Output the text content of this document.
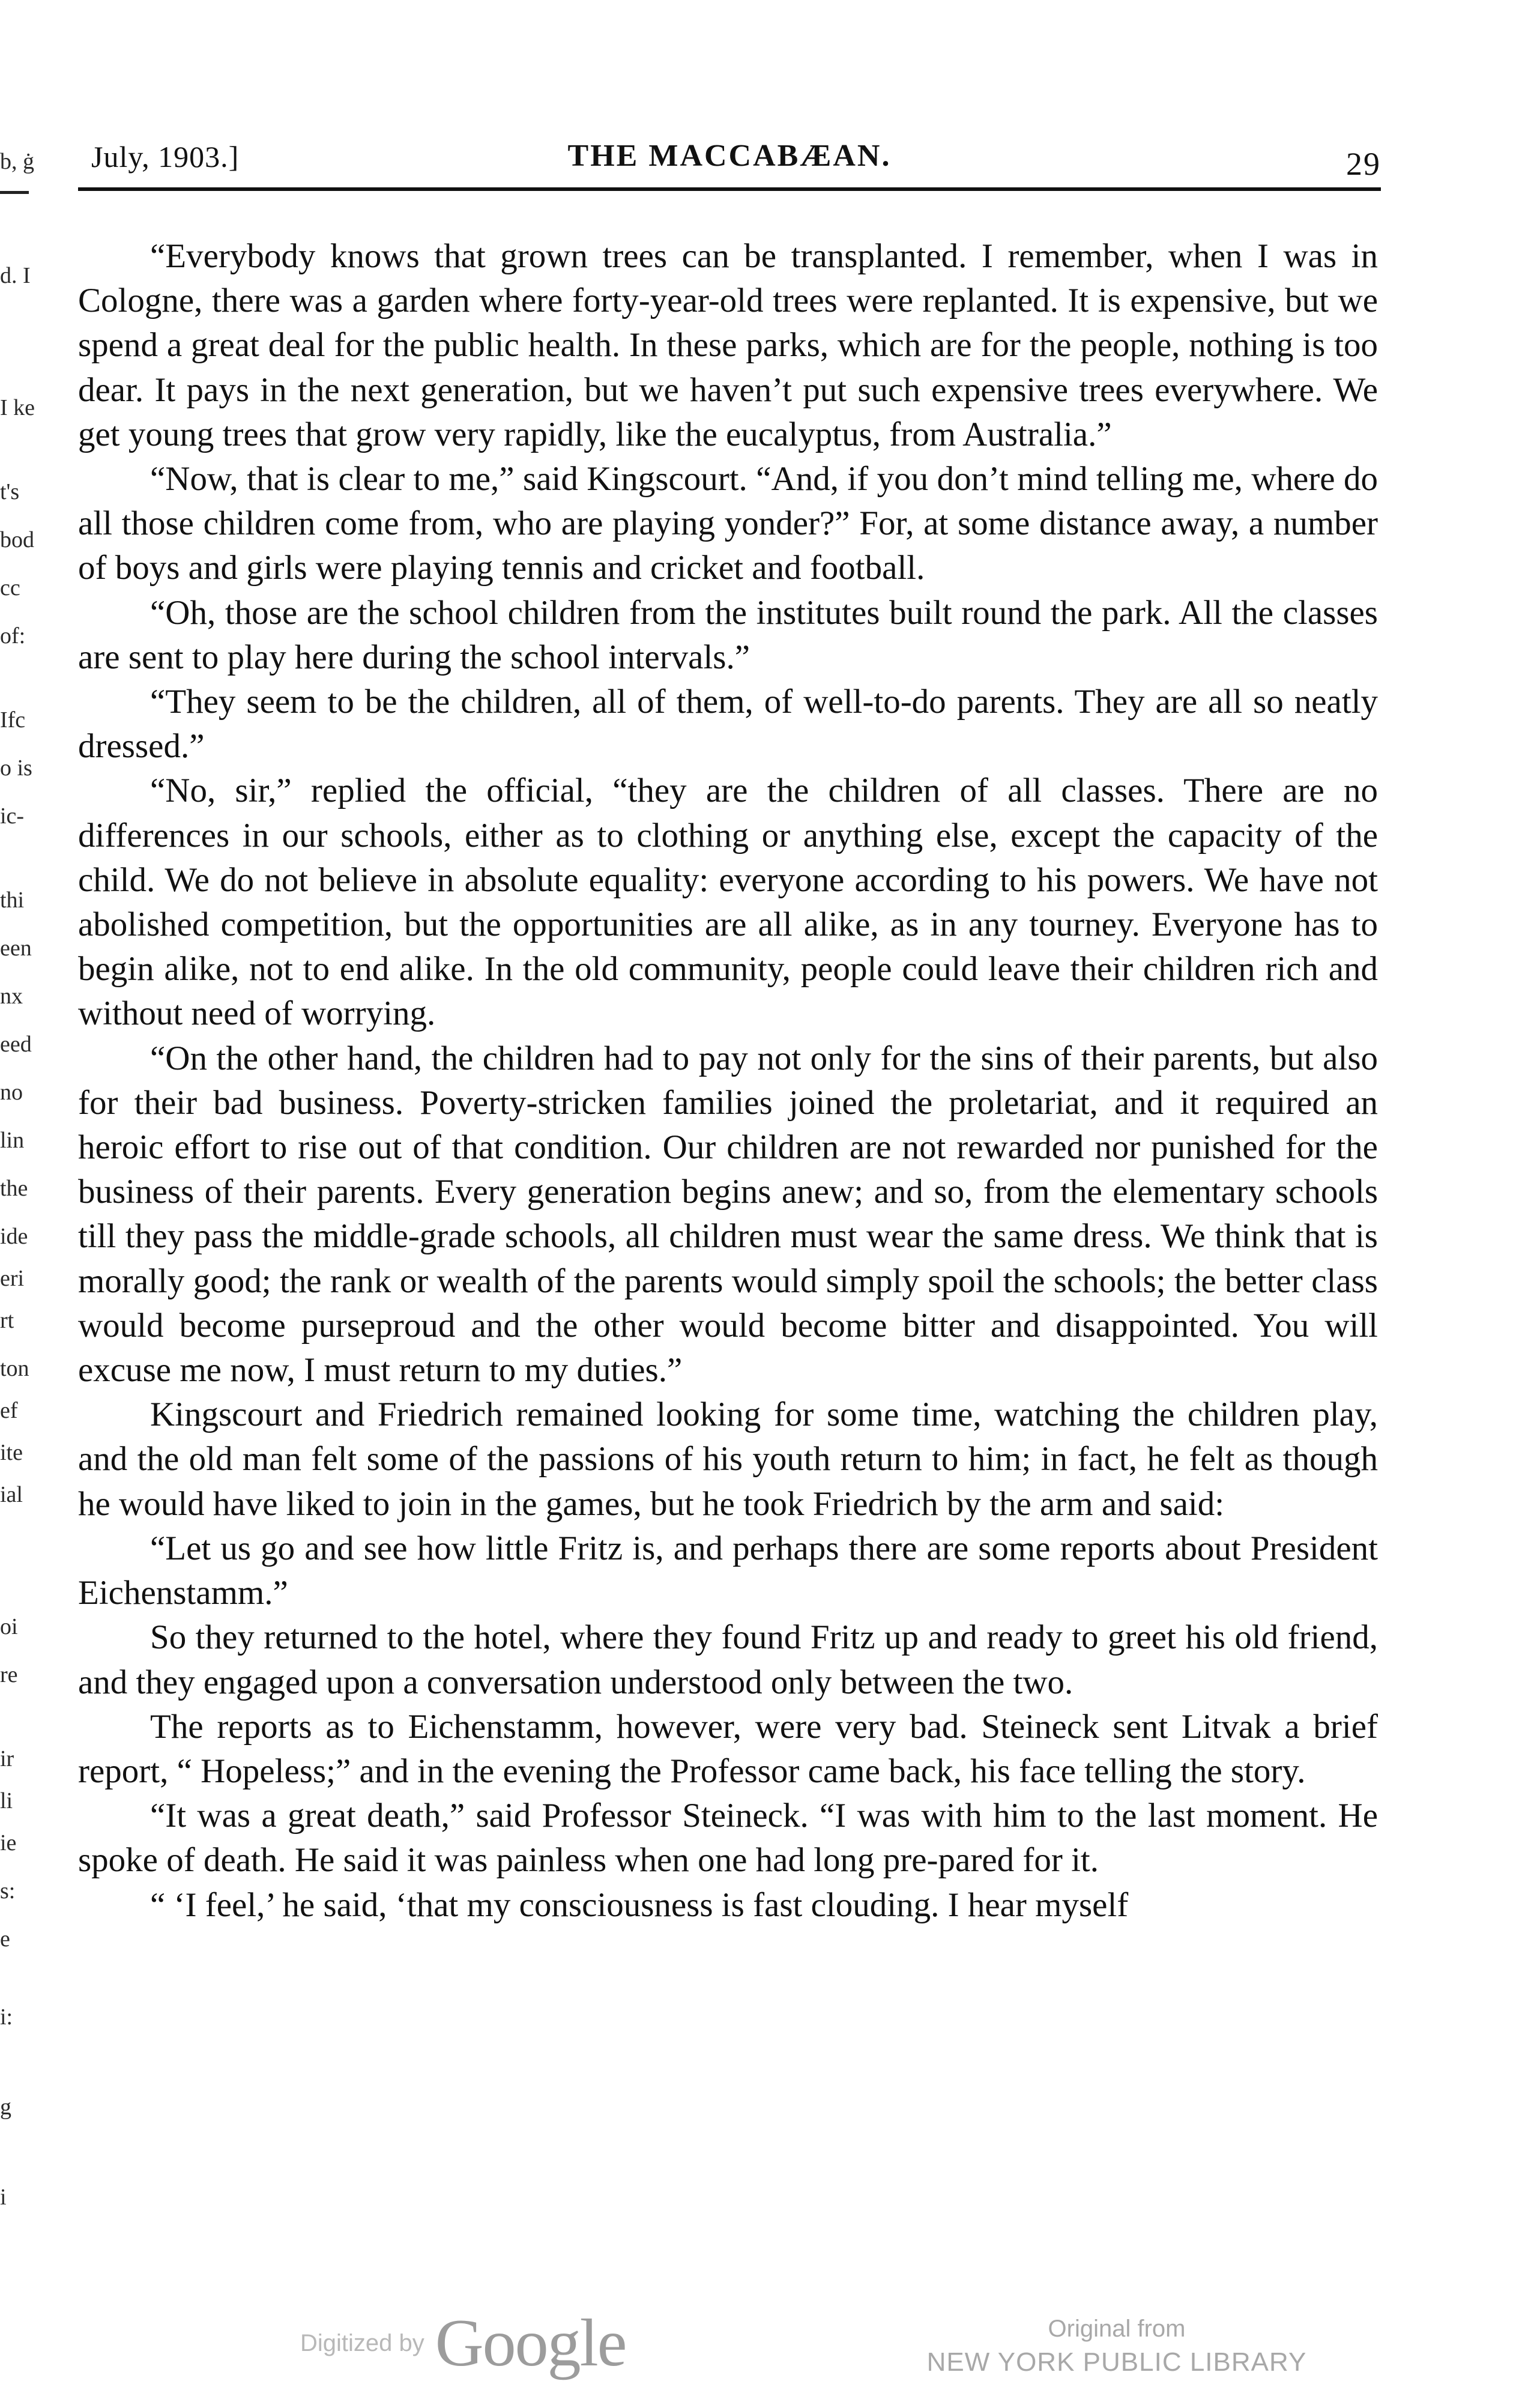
b, ġ
d. I
I ke
t's
bod
cc
of:
Ifc
o is
ic-
thi
een
nx
eed
no
lin
the
ide
eri
rt
ton
ef
ite
ial
oi
re
ir
li
ie
s:
e
i:
g
i
July, 1903.]	THE MACCABÆAN.	29

“Everybody knows that grown trees can be transplanted. I remember, when I was in Cologne, there was a garden where forty-year-old trees were replanted. It is expensive, but we spend a great deal for the public health. In these parks, which are for the people, nothing is too dear. It pays in the next generation, but we haven’t put such expensive trees everywhere. We get young trees that grow very rapidly, like the eucalyptus, from Australia.”

“Now, that is clear to me,” said Kingscourt. “And, if you don’t mind telling me, where do all those children come from, who are playing yonder?” For, at some distance away, a number of boys and girls were playing tennis and cricket and football.

“Oh, those are the school children from the institutes built round the park. All the classes are sent to play here during the school intervals.”

“They seem to be the children, all of them, of well-to-do parents. They are all so neatly dressed.”

“No, sir,” replied the official, “they are the children of all classes. There are no differences in our schools, either as to clothing or anything else, except the capacity of the child. We do not believe in absolute equality: everyone according to his powers. We have not abolished competition, but the opportunities are all alike, as in any tourney. Everyone has to begin alike, not to end alike. In the old community, people could leave their children rich and without need of worrying.

“On the other hand, the children had to pay not only for the sins of their parents, but also for their bad business. Poverty-stricken families joined the proletariat, and it required an heroic effort to rise out of that condition. Our children are not rewarded nor punished for the business of their parents. Every generation begins anew; and so, from the elementary schools till they pass the middle-grade schools, all children must wear the same dress. We think that is morally good; the rank or wealth of the parents would simply spoil the schools; the better class would become purseproud and the other would become bitter and disappointed. You will excuse me now, I must return to my duties.”

Kingscourt and Friedrich remained looking for some time, watching the children play, and the old man felt some of the passions of his youth return to him; in fact, he felt as though he would have liked to join in the games, but he took Friedrich by the arm and said:

“Let us go and see how little Fritz is, and perhaps there are some reports about President Eichenstamm.”

So they returned to the hotel, where they found Fritz up and ready to greet his old friend, and they engaged upon a conversation understood only between the two.

The reports as to Eichenstamm, however, were very bad. Steineck sent Litvak a brief report, “ Hopeless;” and in the evening the Professor came back, his face telling the story.

“It was a great death,” said Professor Steineck. “I was with him to the last moment. He spoke of death. He said it was painless when one had long pre-pared for it.

“ ‘I feel,’ he said, ‘that my consciousness is fast clouding. I hear myself

Digitized by Google	Original from
NEW YORK PUBLIC LIBRARY
